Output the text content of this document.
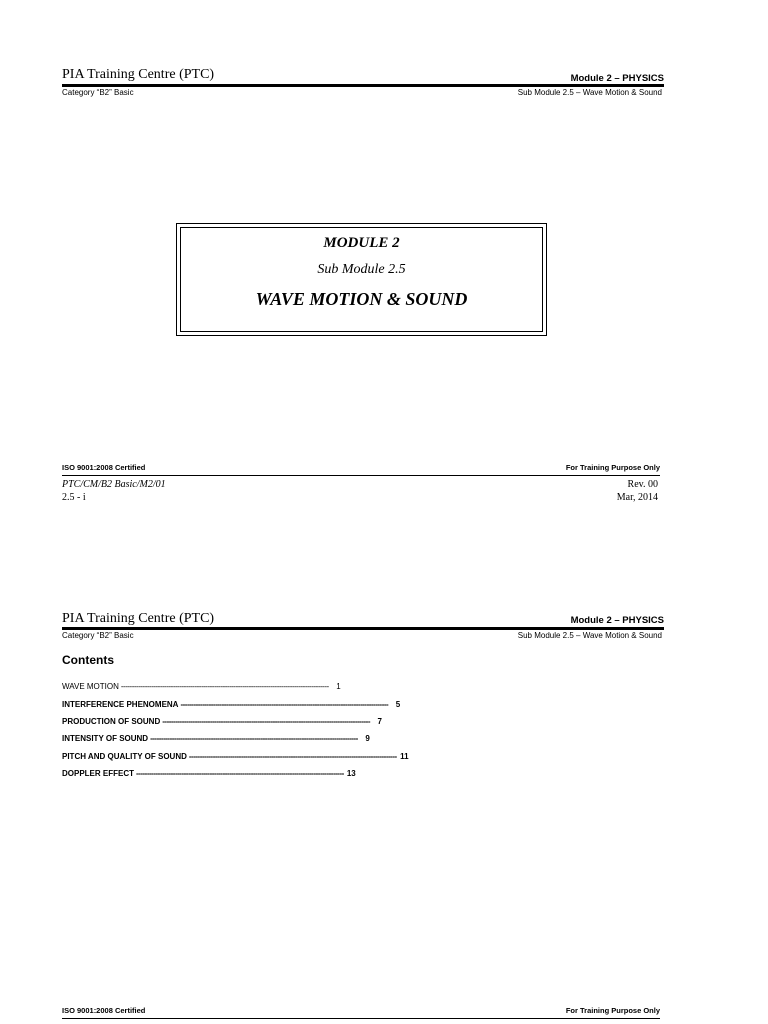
PIA Training Centre (PTC)	Module 2 – PHYSICS
Category “B2” Basic	Sub Module 2.5 – Wave Motion & Sound
MODULE 2
Sub Module 2.5
WAVE MOTION & SOUND
ISO 9001:2008 Certified	For Training Purpose Only
PTC/CM/B2 Basic/M2/01
2.5 - i
Rev. 00
Mar, 2014
PIA Training Centre (PTC)	Module 2 – PHYSICS
Category “B2” Basic	Sub Module 2.5 – Wave Motion & Sound
Contents
WAVE MOTION ------------------------------------------------------------------------------------------------ 1
INTERFERENCE PHENOMENA ------------------------------------------------------------------------------------------------ 5
PRODUCTION OF SOUND ------------------------------------------------------------------------------------------------ 7
INTENSITY OF SOUND ------------------------------------------------------------------------------------------------ 9
PITCH AND QUALITY OF SOUND ------------------------------------------------------------------------------------------------ 11
DOPPLER EFFECT ------------------------------------------------------------------------------------------------ 13
ISO 9001:2008 Certified	For Training Purpose Only
